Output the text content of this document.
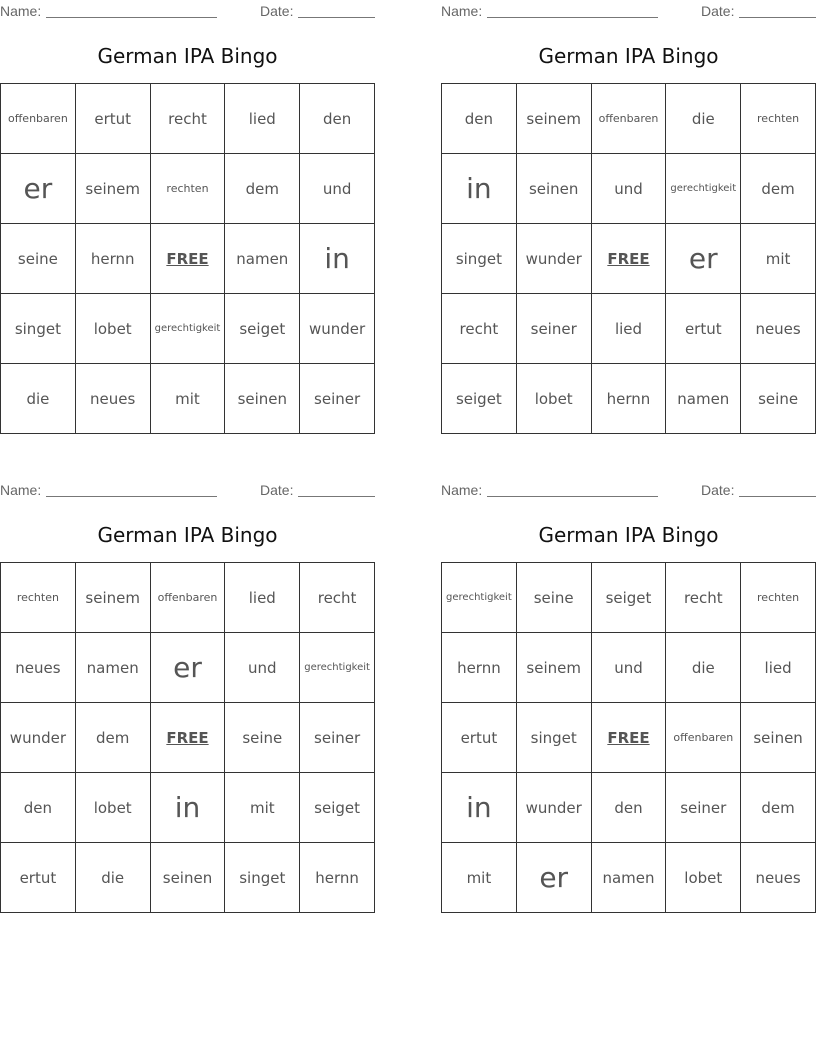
Name:	Date:
German IPA Bingo
offenbaren ertut recht	lied	den
er seinem rechten dem	und
seine hernn FREE namen in
singet lobet gerechtigkeit seiget wunder
die	neues	mit	seinen seiner
Name:	Date:
German IPA Bingo
den seinem offenbaren die	rechten
in seinen und	gerechtigkeit dem
singet wunder FREE er	mit
recht seiner	lied	ertut neues
seiget lobet hernn namen seine
Name:	Date:
German IPA Bingo
rechten seinem offenbaren lied	recht
neues namen er	und	gerechtigkeit
wunder dem FREE seine seiner
den	lobet in	mit	seiget
ertut	die	seinen singet hernn
Name:	Date:
German IPA Bingo
gerechtigkeit seine seiget recht	rechten
hernn seinem und	die	lied
ertut singet FREE offenbaren seinen
in wunder den	seiner dem
mit er namen lobet neues
